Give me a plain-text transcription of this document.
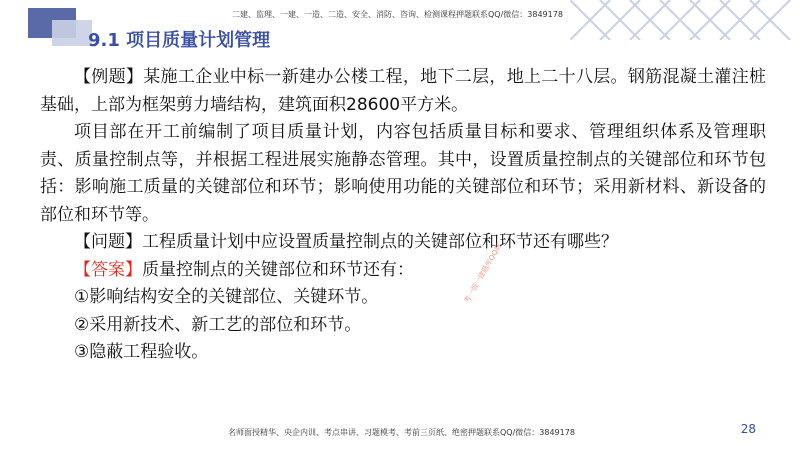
二建、监理、一建、一造、二造、安全、消防、咨询、检测课程押题联系QQ/微信：3849178
9.1 项目质量计划管理

【例题】某施工企业中标一新建办公楼工程，地下二层，地上二十八层。钢筋混凝土灌注桩基础，上部为框架剪力墙结构，建筑面积28600平方米。

项目部在开工前编制了项目质量计划，内容包括质量目标和要求、管理组织体系及管理职责、质量控制点等，并根据工程进展实施静态管理。其中，设置质量控制点的关键部位和环节包括：影响施工质量的关键部位和环节；影响使用功能的关键部位和环节；采用新材料、新设备的部位和环节等。

【问题】工程质量计划中应设置质量控制点的关键部位和环节还有哪些？

【答案】质量控制点的关键部位和环节还有：

①影响结构安全的关键部位、关键环节。

②采用新技术、新工艺的部位和环节。

③隐蔽工程验收。

考一级一建题库QQ群
名师面授精华、央企内训、考点串讲、习题模考、考前三页纸、绝密押题联系QQ/微信：3849178	28
